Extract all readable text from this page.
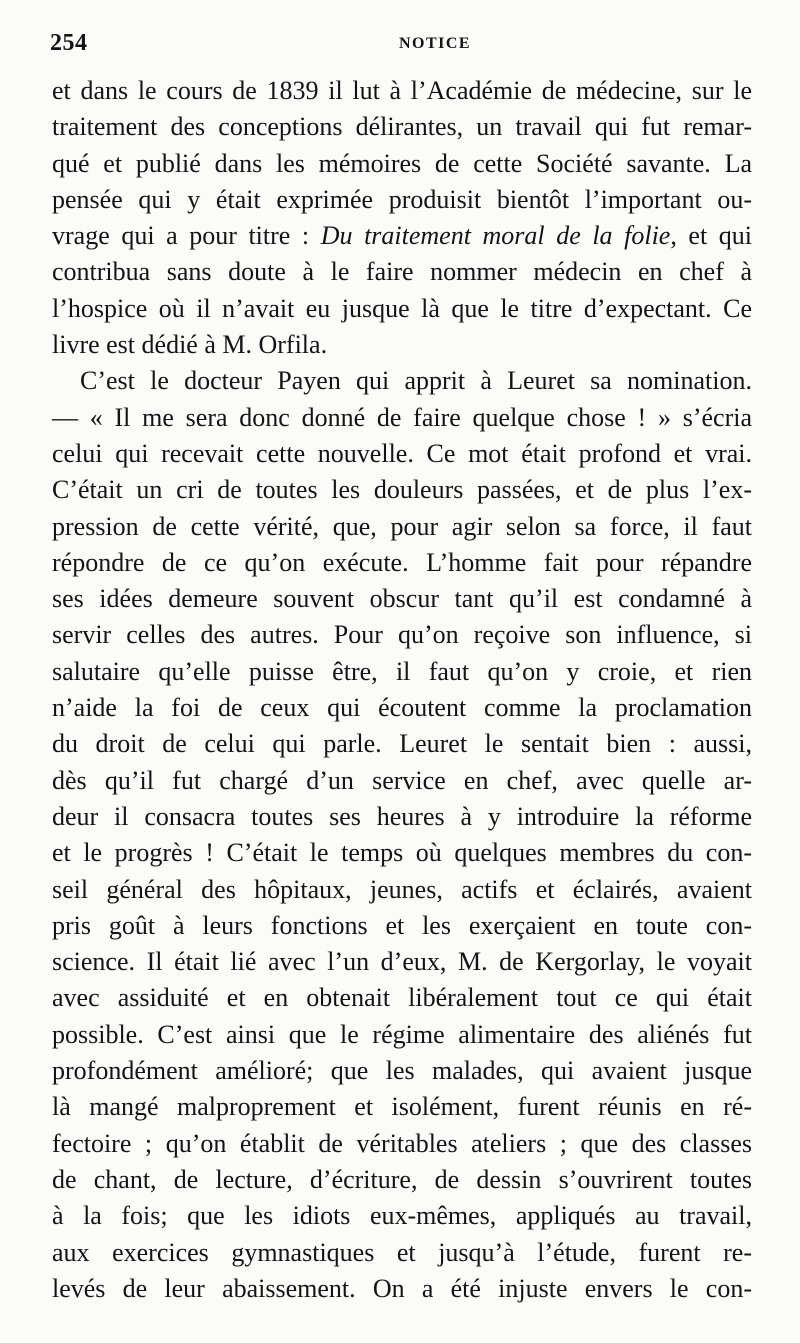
254	NOTICE
et dans le cours de 1839 il lut à l’Académie de médecine, sur le
traitement des conceptions délirantes, un travail qui fut remar-
qué et publié dans les mémoires de cette Société savante. La
pensée qui y était exprimée produisit bientôt l’important ou-
vrage qui a pour titre : Du traitement moral de la folie, et qui
contribua sans doute à le faire nommer médecin en chef à
l’hospice où il n’avait eu jusque là que le titre d’expectant. Ce
livre est dédié à M. Orfila.
C’est le docteur Payen qui apprit à Leuret sa nomination.
— « Il me sera donc donné de faire quelque chose ! » s’écria
celui qui recevait cette nouvelle. Ce mot était profond et vrai.
C’était un cri de toutes les douleurs passées, et de plus l’ex-
pression de cette vérité, que, pour agir selon sa force, il faut
répondre de ce qu’on exécute. L’homme fait pour répandre
ses idées demeure souvent obscur tant qu’il est condamné à
servir celles des autres. Pour qu’on reçoive son influence, si
salutaire qu’elle puisse être, il faut qu’on y croie, et rien
n’aide la foi de ceux qui écoutent comme la proclamation
du droit de celui qui parle. Leuret le sentait bien : aussi,
dès qu’il fut chargé d’un service en chef, avec quelle ar-
deur il consacra toutes ses heures à y introduire la réforme
et le progrès ! C’était le temps où quelques membres du con-
seil général des hôpitaux, jeunes, actifs et éclairés, avaient
pris goût à leurs fonctions et les exerçaient en toute con-
science. Il était lié avec l’un d’eux, M. de Kergorlay, le voyait
avec assiduité et en obtenait libéralement tout ce qui était
possible. C’est ainsi que le régime alimentaire des aliénés fut
profondément amélioré; que les malades, qui avaient jusque
là mangé malproprement et isolément, furent réunis en ré-
fectoire ; qu’on établit de véritables ateliers ; que des classes
de chant, de lecture, d’écriture, de dessin s’ouvrirent toutes
à la fois; que les idiots eux-mêmes, appliqués au travail,
aux exercices gymnastiques et jusqu’à l’étude, furent re-
levés de leur abaissement. On a été injuste envers le con-
